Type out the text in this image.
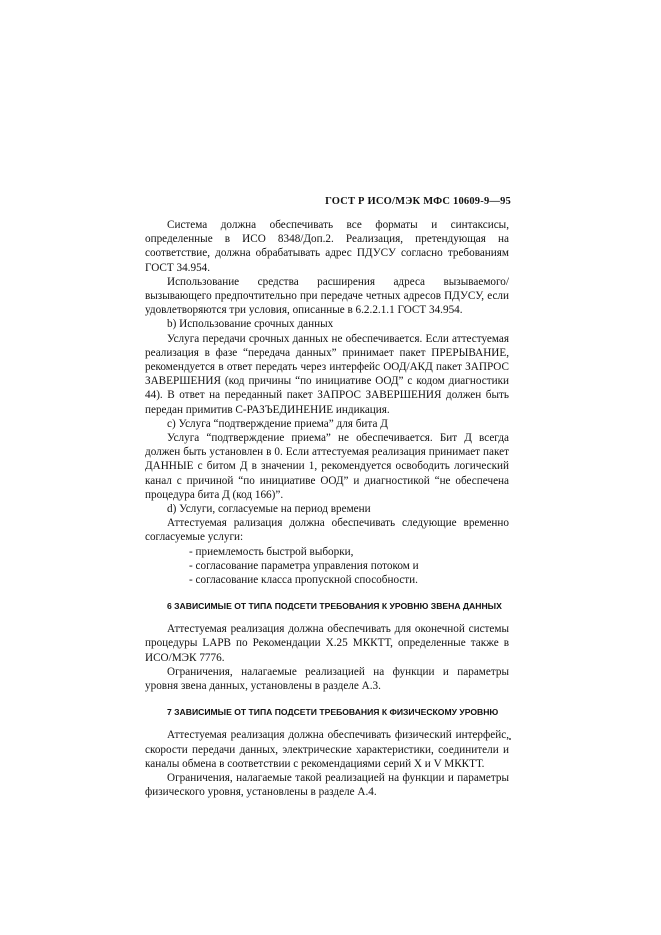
ГОСТ Р ИСО/МЭК МФС 10609-9—95

Система должна обеспечивать все форматы и синтаксисы, определенные в ИСО 8348/Доп.2. Реализация, претендующая на соответствие, должна обрабатывать адрес ПДУСУ согласно требованиям ГОСТ 34.954.

Использование средства расширения адреса вызываемого/вызывающего предпочтительно при передаче четных адресов ПДУСУ, если удовлетворяются три условия, описанные в 6.2.2.1.1 ГОСТ 34.954.

b) Использование срочных данных

Услуга передачи срочных данных не обеспечивается. Если аттестуемая реализация в фазе “передача данных” принимает пакет ПРЕРЫВАНИЕ, рекомендуется в ответ передать через интерфейс ООД/АКД пакет ЗАПРОС ЗАВЕРШЕНИЯ (код причины “по инициативе ООД” с кодом диагностики 44). В ответ на переданный пакет ЗАПРОС ЗАВЕРШЕНИЯ должен быть передан примитив С-РАЗЪЕДИНЕНИЕ индикация.

c) Услуга “подтверждение приема” для бита Д

Услуга “подтверждение приема” не обеспечивается. Бит Д всегда должен быть установлен в 0. Если аттестуемая реализация принимает пакет ДАННЫЕ с битом Д в значении 1, рекомендуется освободить логический канал с причиной “по инициативе ООД” и диагностикой “не обеспечена процедура бита Д (код 166)”.

d) Услуги, согласуемые на период времени

Аттестуемая рализация должна обеспечивать следующие временно согласуемые услуги:

- приемлемость быстрой выборки,

- согласование параметра управления потоком и

- согласование класса пропускной способности.

6 ЗАВИСИМЫЕ ОТ ТИПА ПОДСЕТИ ТРЕБОВАНИЯ К УРОВНЮ ЗВЕНА ДАННЫХ

Аттестуемая реализация должна обеспечивать для оконечной системы процедуры LAPB по Рекомендации X.25 МККТТ, определенные также в ИСО/МЭК 7776.

Ограничения, налагаемые реализацией на функции и параметры уровня звена данных, установлены в разделе А.3.

7 ЗАВИСИМЫЕ ОТ ТИПА ПОДСЕТИ ТРЕБОВАНИЯ К ФИЗИЧЕСКОМУ УРОВНЮ

Аттестуемая реализация должна обеспечивать физический интерфейс, скорости передачи данных, электрические характеристики, соединители и каналы обмена в соответствии с рекомендациями серий X и V МККТТ.

Ограничения, налагаемые такой реализацией на функции и параметры физического уровня, установлены в разделе А.4.
